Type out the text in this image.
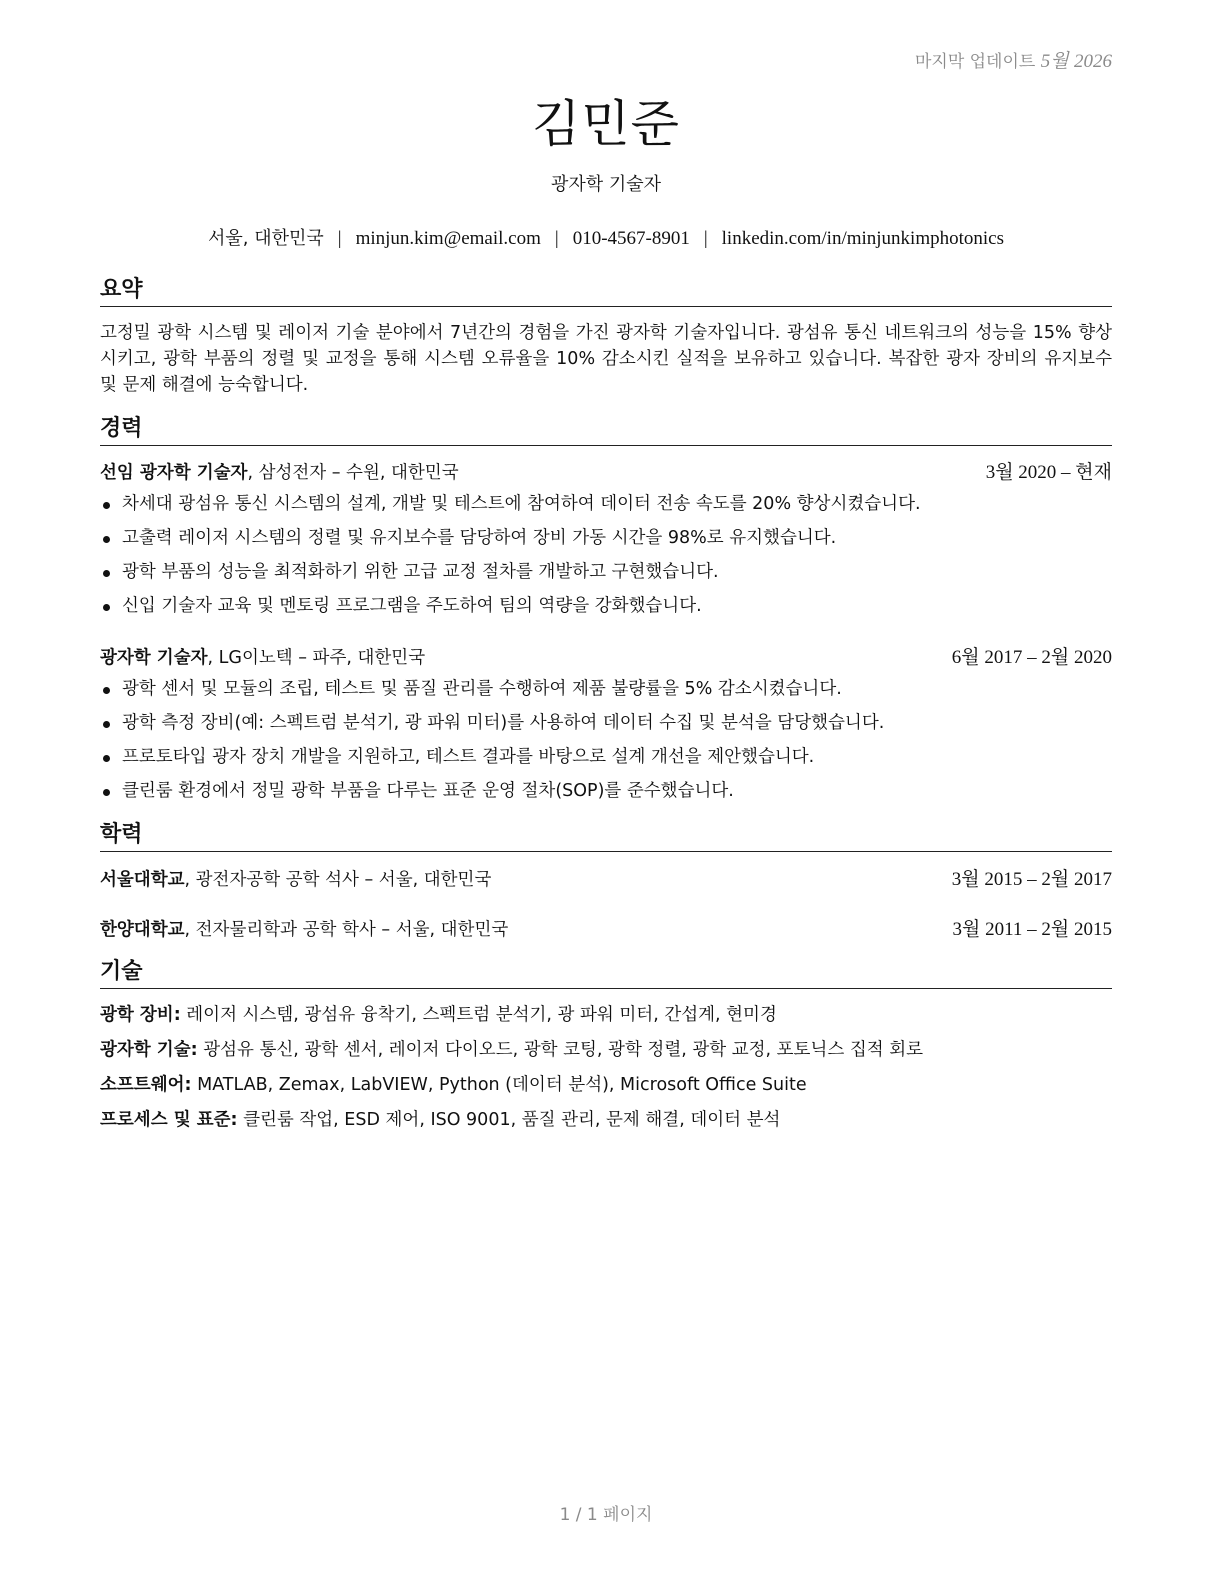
마지막 업데이트 5월 2026
김민준
광자학 기술자
서울, 대한민국 | minjun.kim@email.com | 010-4567-8901 | linkedin.com/in/minjunkimphotonics
요약
고정밀 광학 시스템 및 레이저 기술 분야에서 7년간의 경험을 가진 광자학 기술자입니다. 광섬유 통신 네트워크의 성능을 15% 향상시키고, 광학 부품의 정렬 및 교정을 통해 시스템 오류율을 10% 감소시킨 실적을 보유하고 있습니다. 복잡한 광자 장비의 유지보수 및 문제 해결에 능숙합니다.
경력
선임 광자학 기술자, 삼성전자 – 수원, 대한민국	3월 2020 – 현재
차세대 광섬유 통신 시스템의 설계, 개발 및 테스트에 참여하여 데이터 전송 속도를 20% 향상시켰습니다.
고출력 레이저 시스템의 정렬 및 유지보수를 담당하여 장비 가동 시간을 98%로 유지했습니다.
광학 부품의 성능을 최적화하기 위한 고급 교정 절차를 개발하고 구현했습니다.
신입 기술자 교육 및 멘토링 프로그램을 주도하여 팀의 역량을 강화했습니다.
광자학 기술자, LG이노텍 – 파주, 대한민국	6월 2017 – 2월 2020
광학 센서 및 모듈의 조립, 테스트 및 품질 관리를 수행하여 제품 불량률을 5% 감소시켰습니다.
광학 측정 장비(예: 스펙트럼 분석기, 광 파워 미터)를 사용하여 데이터 수집 및 분석을 담당했습니다.
프로토타입 광자 장치 개발을 지원하고, 테스트 결과를 바탕으로 설계 개선을 제안했습니다.
클린룸 환경에서 정밀 광학 부품을 다루는 표준 운영 절차(SOP)를 준수했습니다.
학력
서울대학교, 광전자공학 공학 석사 – 서울, 대한민국	3월 2015 – 2월 2017
한양대학교, 전자물리학과 공학 학사 – 서울, 대한민국	3월 2011 – 2월 2015
기술
광학 장비: 레이저 시스템, 광섬유 융착기, 스펙트럼 분석기, 광 파워 미터, 간섭계, 현미경
광자학 기술: 광섬유 통신, 광학 센서, 레이저 다이오드, 광학 코팅, 광학 정렬, 광학 교정, 포토닉스 집적 회로
소프트웨어: MATLAB, Zemax, LabVIEW, Python (데이터 분석), Microsoft Office Suite
프로세스 및 표준: 클린룸 작업, ESD 제어, ISO 9001, 품질 관리, 문제 해결, 데이터 분석
1 / 1 페이지
